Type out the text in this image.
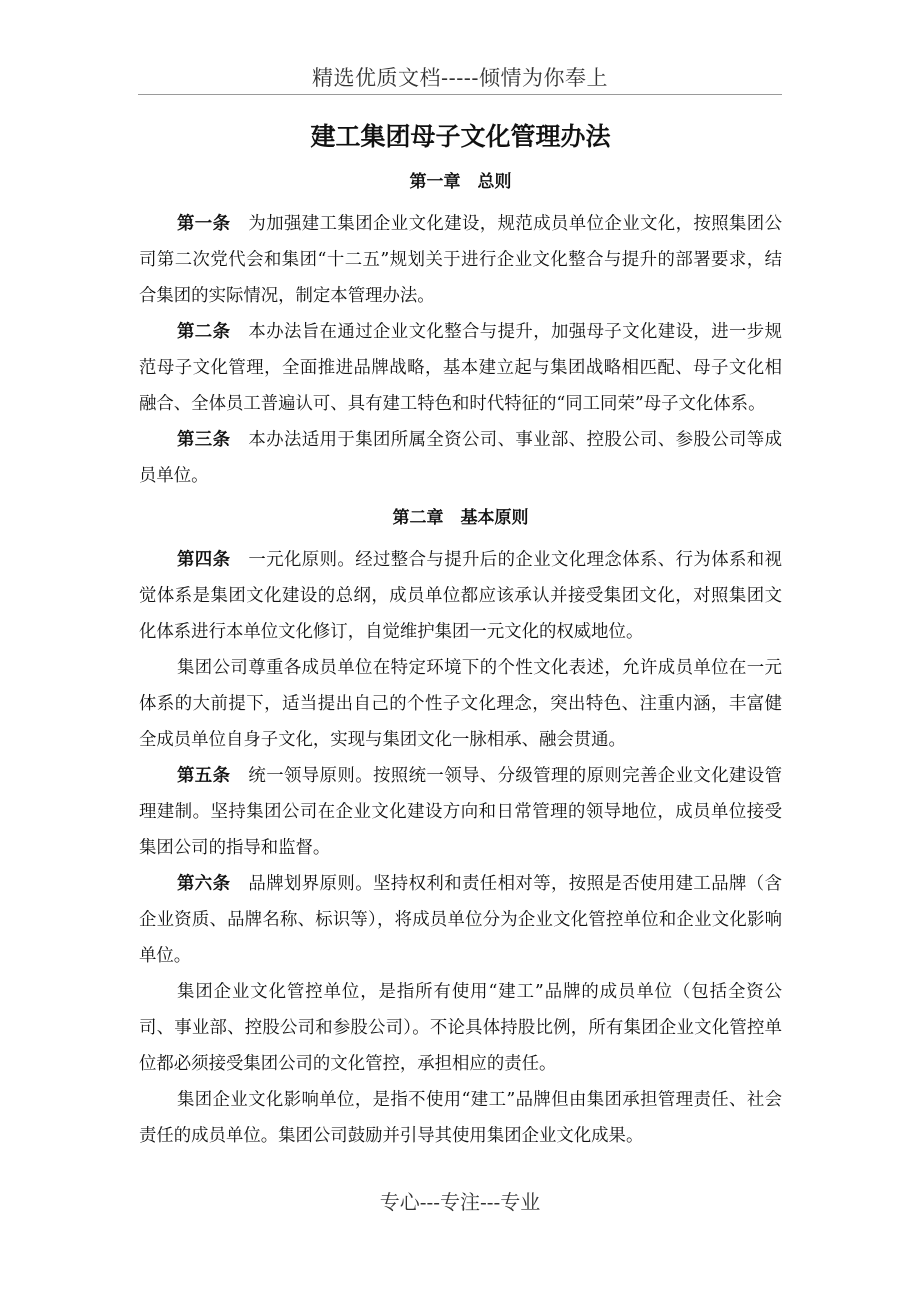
精选优质文档-----倾情为你奉上
建工集团母子文化管理办法
第一章　总则

第一条 为加强建工集团企业文化建设，规范成员单位企业文化，按照集团公司第二次党代会和集团“十二五”规划关于进行企业文化整合与提升的部署要求，结合集团的实际情况，制定本管理办法。

第二条 本办法旨在通过企业文化整合与提升，加强母子文化建设，进一步规范母子文化管理，全面推进品牌战略，基本建立起与集团战略相匹配、母子文化相融合、全体员工普遍认可、具有建工特色和时代特征的“同工同荣”母子文化体系。

第三条 本办法适用于集团所属全资公司、事业部、控股公司、参股公司等成员单位。

第二章　基本原则

第四条 一元化原则。经过整合与提升后的企业文化理念体系、行为体系和视觉体系是集团文化建设的总纲，成员单位都应该承认并接受集团文化，对照集团文化体系进行本单位文化修订，自觉维护集团一元文化的权威地位。

集团公司尊重各成员单位在特定环境下的个性文化表述，允许成员单位在一元体系的大前提下，适当提出自己的个性子文化理念，突出特色、注重内涵，丰富健全成员单位自身子文化，实现与集团文化一脉相承、融会贯通。

第五条 统一领导原则。按照统一领导、分级管理的原则完善企业文化建设管理建制。坚持集团公司在企业文化建设方向和日常管理的领导地位，成员单位接受集团公司的指导和监督。

第六条 品牌划界原则。坚持权利和责任相对等，按照是否使用建工品牌（含企业资质、品牌名称、标识等），将成员单位分为企业文化管控单位和企业文化影响单位。

集团企业文化管控单位，是指所有使用“建工”品牌的成员单位（包括全资公司、事业部、控股公司和参股公司）。不论具体持股比例，所有集团企业文化管控单位都必须接受集团公司的文化管控，承担相应的责任。

集团企业文化影响单位，是指不使用“建工”品牌但由集团承担管理责任、社会责任的成员单位。集团公司鼓励并引导其使用集团企业文化成果。

专心---专注---专业
